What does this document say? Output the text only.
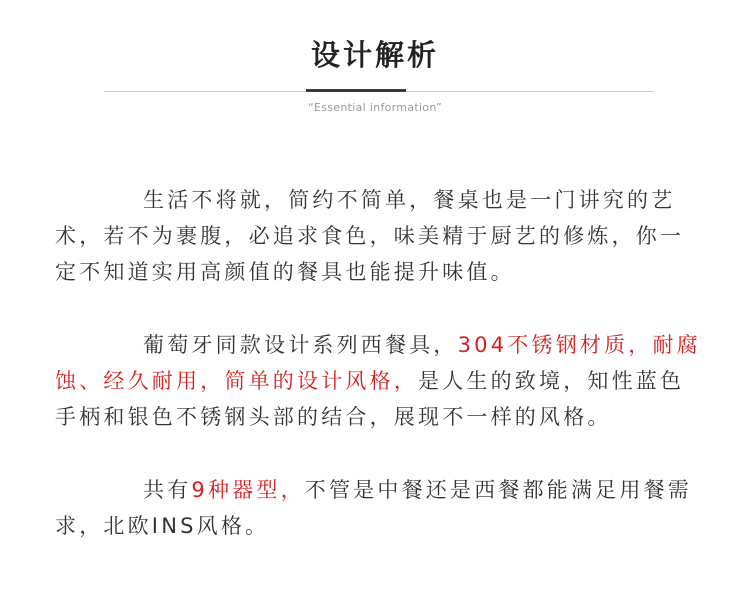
设计解析
“Essential information”

生活不将就，简约不简单，餐桌也是一门讲究的艺术，若不为裹腹，必追求食色，味美精于厨艺的修炼，你一定不知道实用高颜值的餐具也能提升味值。

葡萄牙同款设计系列西餐具，304不锈钢材质，耐腐蚀、经久耐用，简单的设计风格，是人生的致境，知性蓝色手柄和银色不锈钢头部的结合，展现不一样的风格。

共有9种器型，不管是中餐还是西餐都能满足用餐需求，北欧INS风格。
